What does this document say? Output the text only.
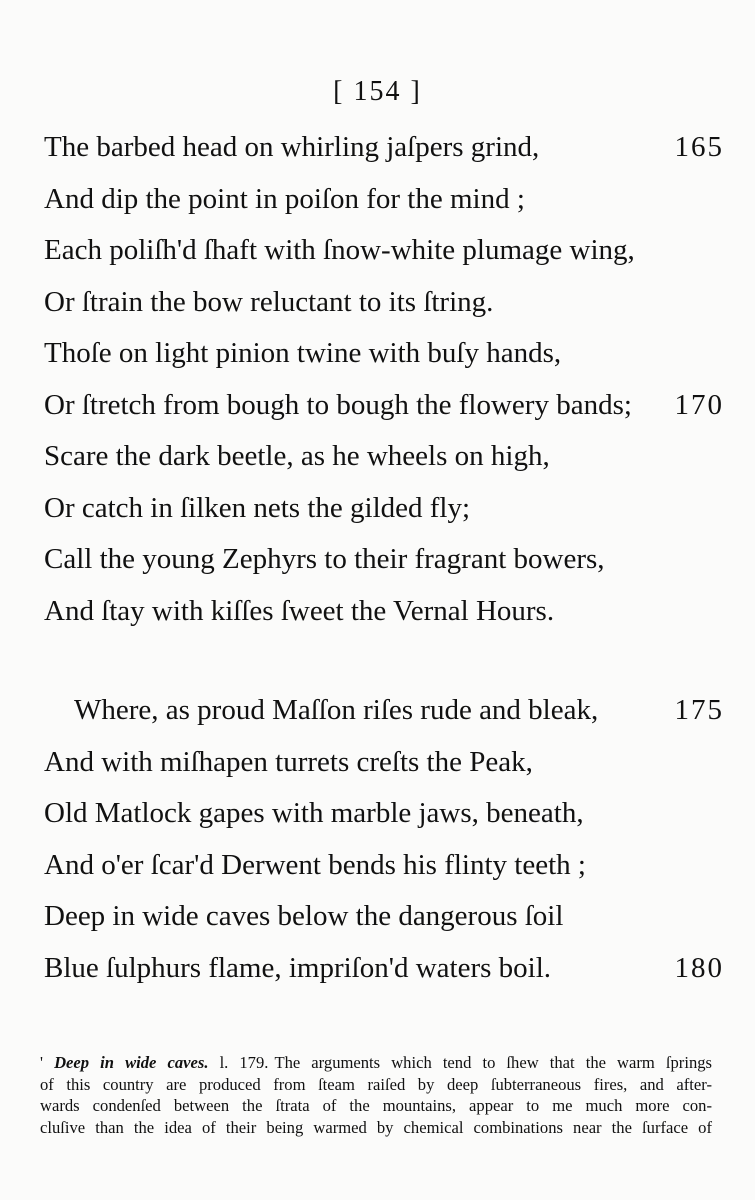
[ 154 ]
The barbed head on whirling jaſpers grind,	165
And dip the point in poiſon for the mind ;
Each poliſh'd ſhaft with ſnow-white plumage wing,
Or ſtrain the bow reluctant to its ſtring.
Thoſe on light pinion twine with buſy hands,
Or ſtretch from bough to bough the flowery bands; 170
Scare the dark beetle, as he wheels on high,
Or catch in ſilken nets the gilded fly;
Call the young Zephyrs to their fragrant bowers,
And ſtay with kiſſes ſweet the Vernal Hours.
Where, as proud Maſſon riſes rude and bleak,	175
And with miſhapen turrets creſts the Peak,
Old Matlock gapes with marble jaws, beneath,
And o'er ſcar'd Derwent bends his flinty teeth ;
Deep in wide caves below the dangerous ſoil
Blue ſulphurs flame, impriſon'd waters boil.	180
' Deep in wide caves. l. 179. The arguments which tend to ſhew that the warm ſprings
of this country are produced from ſteam raiſed by deep ſubterraneous fires, and after-
wards condenſed between the ſtrata of the mountains, appear to me much more con-
cluſive than the idea of their being warmed by chemical combinations near the ſurface of
